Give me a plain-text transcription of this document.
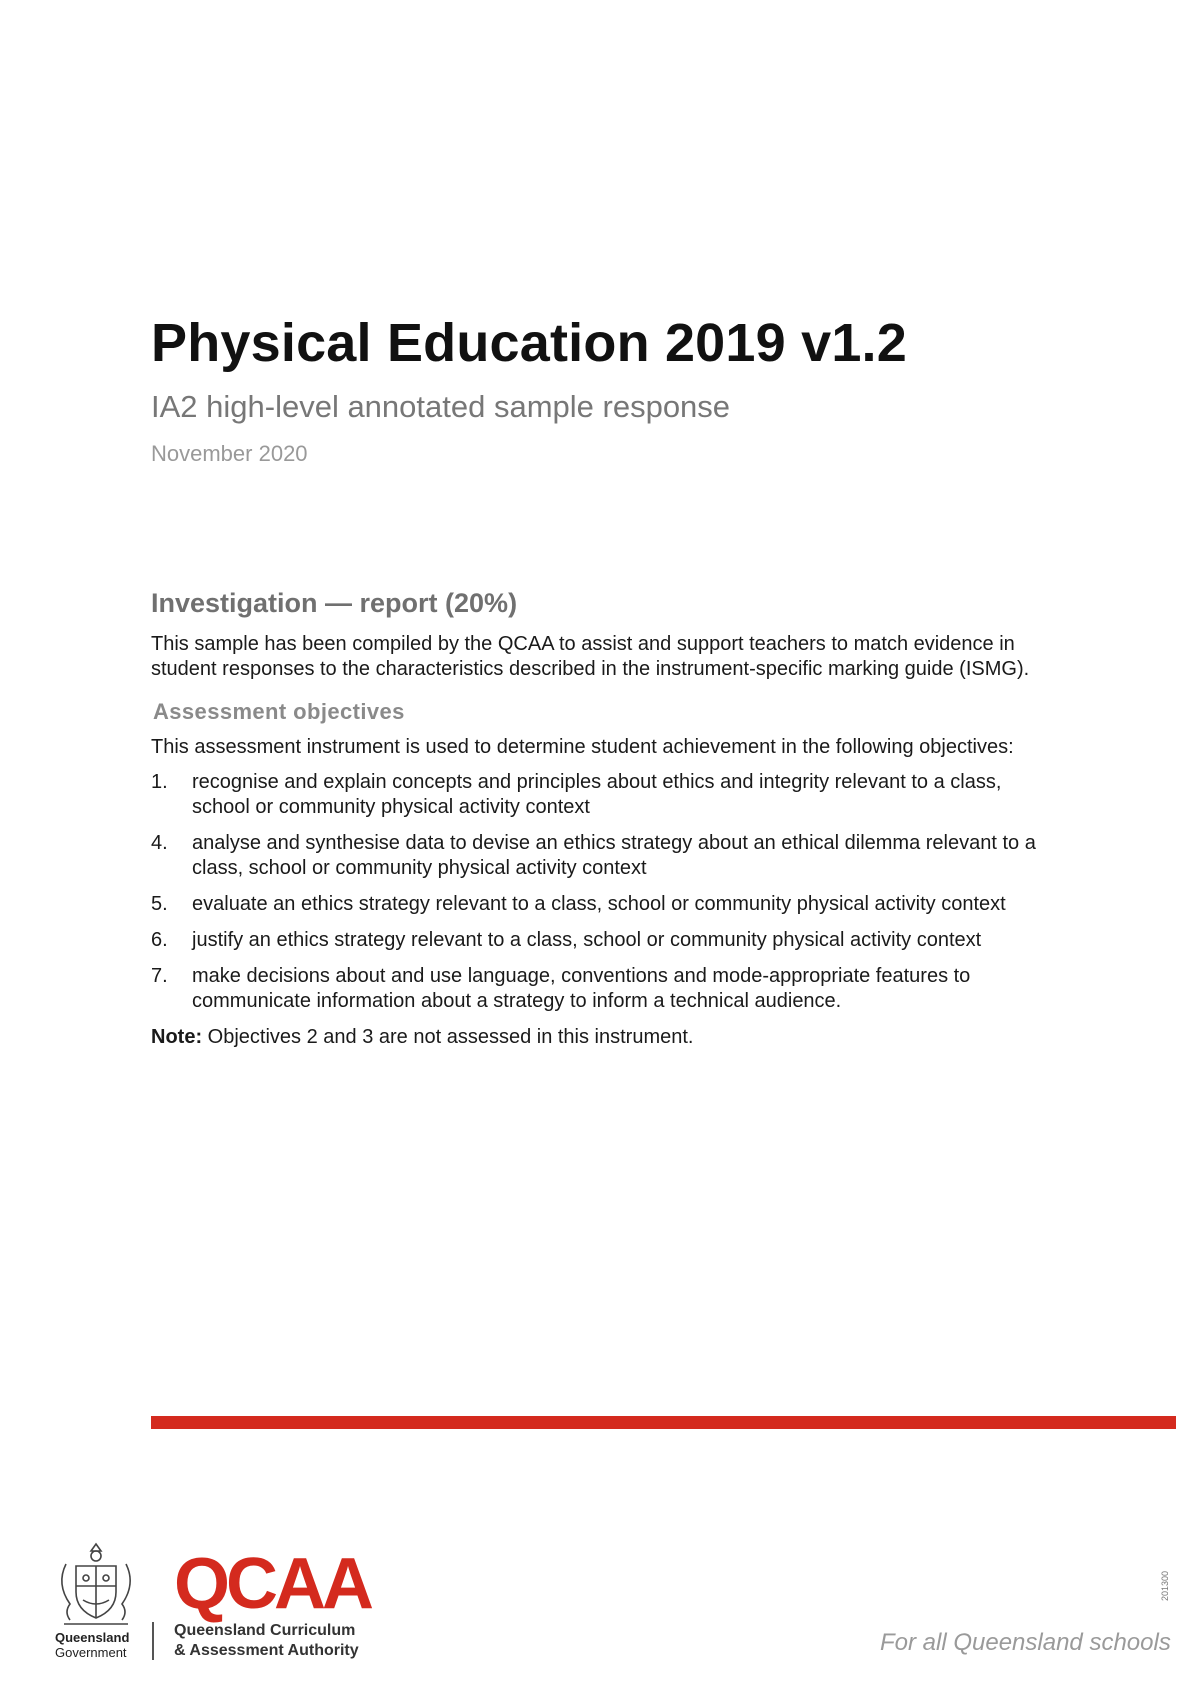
Physical Education 2019 v1.2
IA2 high-level annotated sample response

November 2020

Investigation — report (20%)

This sample has been compiled by the QCAA to assist and support teachers to match evidence in student responses to the characteristics described in the instrument-specific marking guide (ISMG).

Assessment objectives

This assessment instrument is used to determine student achievement in the following objectives:

1.	recognise and explain concepts and principles about ethics and integrity relevant to a class, school or community physical activity context
4.	analyse and synthesise data to devise an ethics strategy about an ethical dilemma relevant to a class, school or community physical activity context
5.	evaluate an ethics strategy relevant to a class, school or community physical activity context
6.	justify an ethics strategy relevant to a class, school or community physical activity context
7.	make decisions about and use language, conventions and mode-appropriate features to communicate information about a strategy to inform a technical audience.

Note: Objectives 2 and 3 are not assessed in this instrument.

Queensland
Government
QCAA
Queensland Curriculum
& Assessment Authority	For all Queensland schools
201300
